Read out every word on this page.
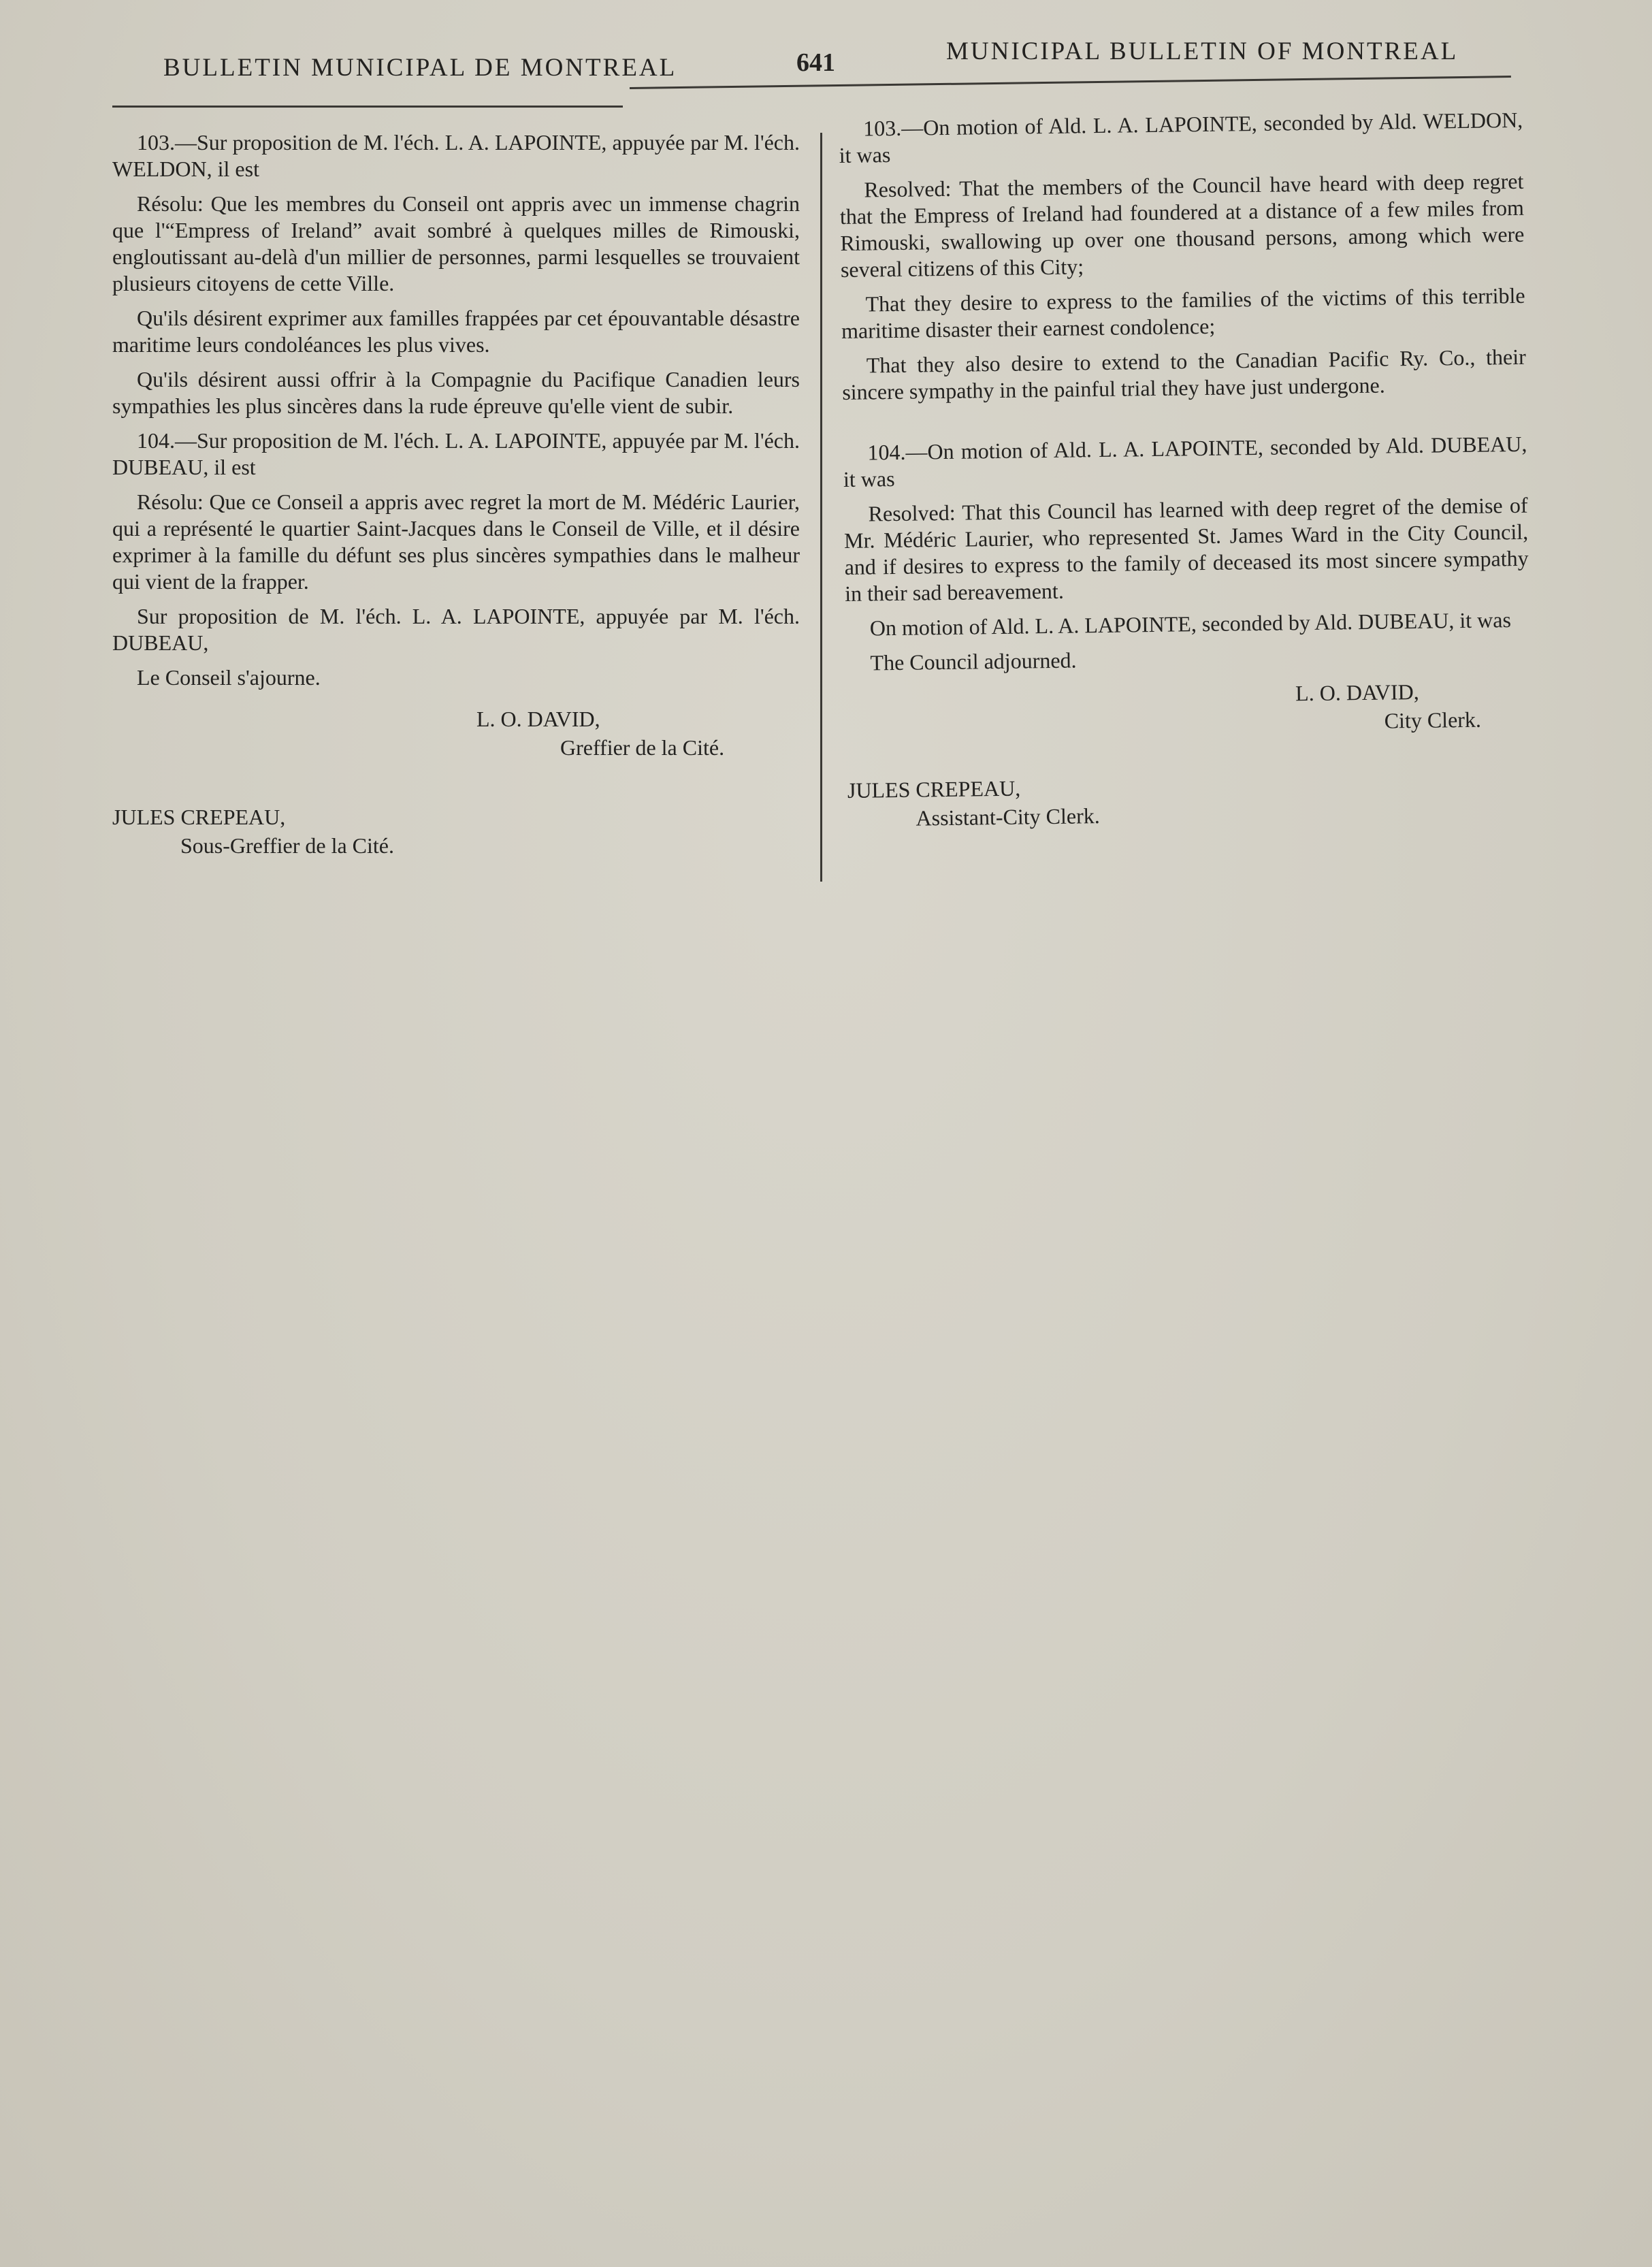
BULLETIN MUNICIPAL DE MONTREAL	641	MUNICIPAL BULLETIN OF MONTREAL

103.—Sur proposition de M. l'éch. L. A. LAPOINTE, appuyée par M. l'éch. WELDON, il est

Résolu: Que les membres du Conseil ont appris avec un immense chagrin que l'“Empress of Ireland” avait sombré à quelques milles de Rimouski, engloutissant au-delà d'un millier de personnes, parmi lesquelles se trouvaient plusieurs citoyens de cette Ville.

Qu'ils désirent exprimer aux familles frappées par cet épouvantable désastre maritime leurs condoléances les plus vives.

Qu'ils désirent aussi offrir à la Compagnie du Pacifique Canadien leurs sympathies les plus sincères dans la rude épreuve qu'elle vient de subir.

104.—Sur proposition de M. l'éch. L. A. LAPOINTE, appuyée par M. l'éch. DUBEAU, il est

Résolu: Que ce Conseil a appris avec regret la mort de M. Médéric Laurier, qui a représenté le quartier Saint-Jacques dans le Conseil de Ville, et il désire exprimer à la famille du défunt ses plus sincères sympathies dans le malheur qui vient de la frapper.

Sur proposition de M. l'éch. L. A. LAPOINTE, appuyée par M. l'éch. DUBEAU,

Le Conseil s'ajourne.

L. O. DAVID,
Greffier de la Cité.
JULES CREPEAU,
Sous-Greffier de la Cité.

103.—On motion of Ald. L. A. LAPOINTE, seconded by Ald. WELDON, it was

Resolved: That the members of the Council have heard with deep regret that the Empress of Ireland had foundered at a distance of a few miles from Rimouski, swallowing up over one thousand persons, among which were several citizens of this City;

That they desire to express to the families of the victims of this terrible maritime disaster their earnest condolence;

That they also desire to extend to the Canadian Pacific Ry. Co., their sincere sympathy in the painful trial they have just undergone.

104.—On motion of Ald. L. A. LAPOINTE, seconded by Ald. DUBEAU, it was

Resolved: That this Council has learned with deep regret of the demise of Mr. Médéric Laurier, who represented St. James Ward in the City Council, and if desires to express to the family of deceased its most sincere sympathy in their sad bereavement.

On motion of Ald. L. A. LAPOINTE, seconded by Ald. DUBEAU, it was

The Council adjourned.

L. O. DAVID,
City Clerk.
JULES CREPEAU,
Assistant-City Clerk.
